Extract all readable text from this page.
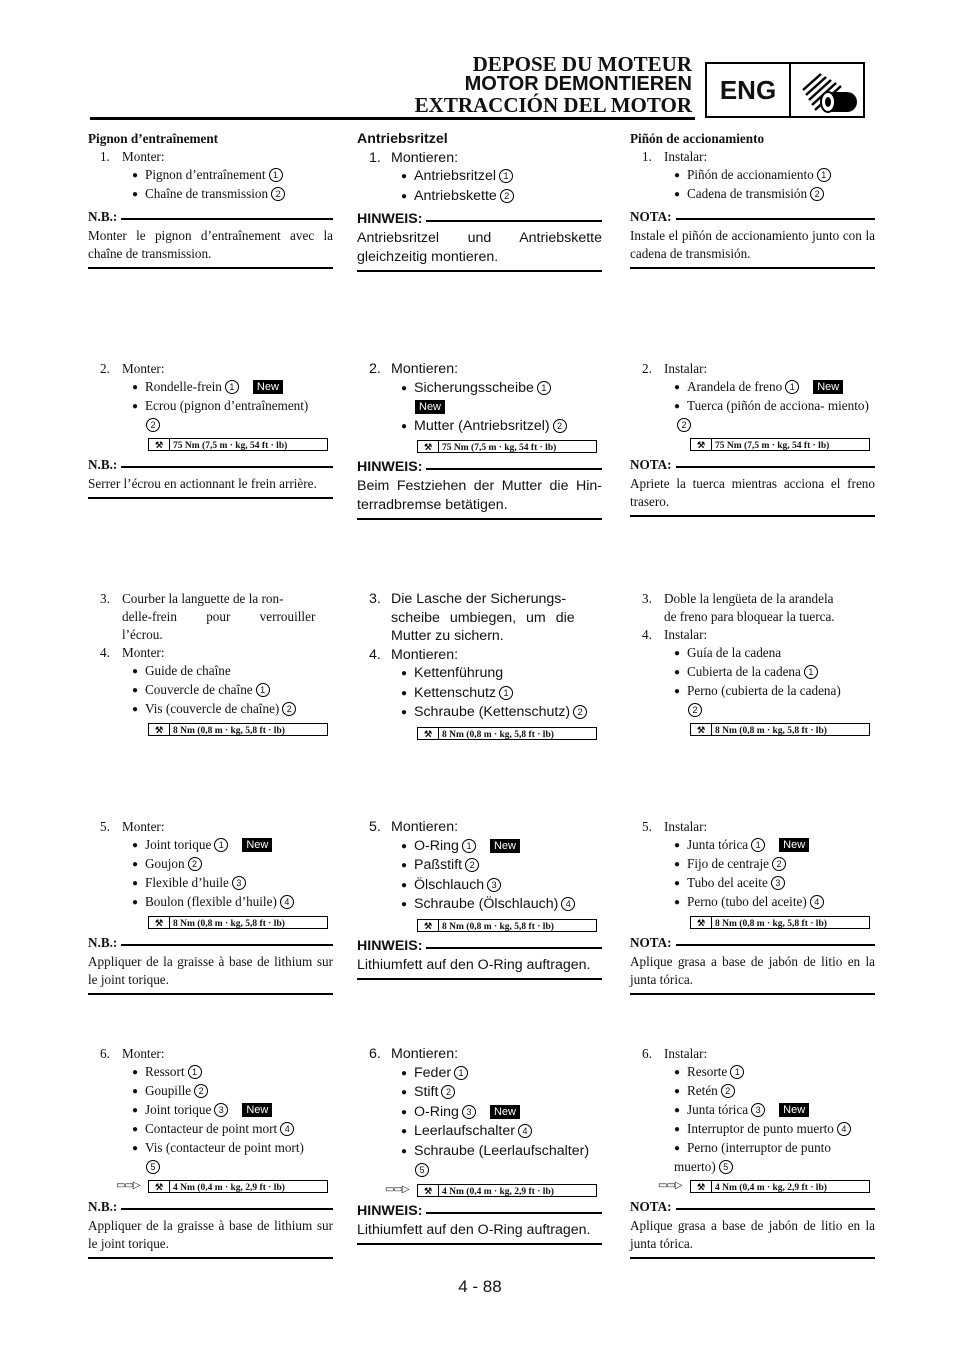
DEPOSE DU MOTEUR
MOTOR DEMONTIEREN
EXTRACCIÓN DEL MOTOR
ENG
Pignon d’entraînement
1. Monter:
● Pignon d’entraînement 1
● Chaîne de transmission 2
N.B.:
Monter le pignon d’entraînement avec la chaîne de transmission.
2. Monter:
● Rondelle-frein 1 New
● Ecrou (pignon d’entraînement)
2
⚒ 75 Nm (7,5 m · kg, 54 ft · lb)
N.B.:
Serrer l’écrou en actionnant le frein arrière.
3. Courber la languette de la ron-
delle-frein pour verrouiller
l’écrou.
4. Monter:
● Guide de chaîne
● Couvercle de chaîne 1
● Vis (couvercle de chaîne) 2
⚒ 8 Nm (0,8 m · kg, 5,8 ft · lb)
5. Monter:
● Joint torique 1 New
● Goujon 2
● Flexible d’huile 3
● Boulon (flexible d’huile) 4
⚒ 8 Nm (0,8 m · kg, 5,8 ft · lb)
N.B.:
Appliquer de la graisse à base de lithium sur le joint torique.
6. Monter:
● Ressort 1
● Goupille 2
● Joint torique 3 New
● Contacteur de point mort 4
● Vis (contacteur de point mort)
5
▭▭▷	⚒ 4 Nm (0,4 m · kg, 2,9 ft · lb)
N.B.:
Appliquer de la graisse à base de lithium sur le joint torique.
Antriebsritzel
1. Montieren:
● Antriebsritzel 1
● Antriebskette 2
HINWEIS:
Antriebsritzel und Antriebskette gleichzeitig montieren.
2. Montieren:
● Sicherungsscheibe 1
New
● Mutter (Antriebsritzel) 2
⚒ 75 Nm (7,5 m · kg, 54 ft · lb)
HINWEIS:
Beim Festziehen der Mutter die Hin-terradbremse betätigen.
3. Die Lasche der Sicherungs-
scheibe umbiegen, um die
Mutter zu sichern.
4. Montieren:
● Kettenführung
● Kettenschutz 1
● Schraube (Kettenschutz) 2
⚒ 8 Nm (0,8 m · kg, 5,8 ft · lb)
5. Montieren:
● O-Ring 1 New
● Paßstift 2
● Ölschlauch 3
● Schraube (Ölschlauch) 4
⚒ 8 Nm (0,8 m · kg, 5,8 ft · lb)
HINWEIS:
Lithiumfett auf den O-Ring auftragen.
6. Montieren:
● Feder 1
● Stift 2
● O-Ring 3 New
● Leerlaufschalter 4
● Schraube (Leerlaufschalter)
5
▭▭▷	⚒ 4 Nm (0,4 m · kg, 2,9 ft · lb)
HINWEIS:
Lithiumfett auf den O-Ring auftragen.
Piñón de accionamiento
1. Instalar:
● Piñón de accionamiento 1
● Cadena de transmisión 2
NOTA:
Instale el piñón de accionamiento junto con la cadena de transmisión.
2. Instalar:
● Arandela de freno 1 New
● Tuerca (piñón de acciona- miento)2
⚒ 75 Nm (7,5 m · kg, 54 ft · lb)
NOTA:
Apriete la tuerca mientras acciona el freno trasero.
3. Doble la lengüeta de la arandela
de freno para bloquear la tuerca.
4. Instalar:
● Guía de la cadena
● Cubierta de la cadena 1
● Perno (cubierta de la cadena)
2
⚒ 8 Nm (0,8 m · kg, 5,8 ft · lb)
5. Instalar:
● Junta tórica 1 New
● Fijo de centraje 2
● Tubo del aceite 3
● Perno (tubo del aceite) 4
⚒ 8 Nm (0,8 m · kg, 5,8 ft · lb)
NOTA:
Aplique grasa a base de jabón de litio en la junta tórica.
6. Instalar:
● Resorte 1
● Retén 2
● Junta tórica 3 New
● Interruptor de punto muerto 4
● Perno (interruptor de punto muerto) 5
▭▭▷	⚒ 4 Nm (0,4 m · kg, 2,9 ft · lb)
NOTA:
Aplique grasa a base de jabón de litio en la junta tórica.
4 - 88
